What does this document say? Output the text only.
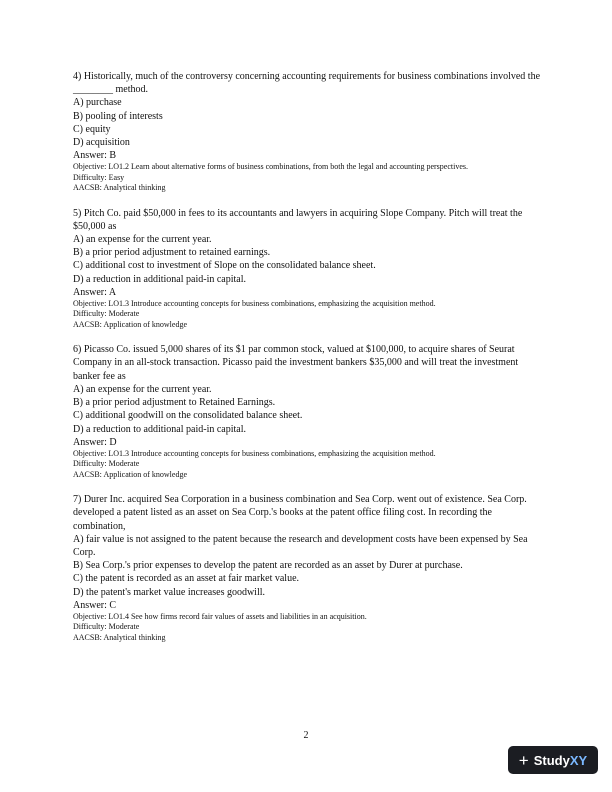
4) Historically, much of the controversy concerning accounting requirements for business combinations involved the ________ method.
A) purchase
B) pooling of interests
C) equity
D) acquisition
Answer: B
Objective: LO1.2 Learn about alternative forms of business combinations, from both the legal and accounting perspectives.
Difficulty: Easy
AACSB: Analytical thinking
5) Pitch Co. paid $50,000 in fees to its accountants and lawyers in acquiring Slope Company. Pitch will treat the $50,000 as
A) an expense for the current year.
B) a prior period adjustment to retained earnings.
C) additional cost to investment of Slope on the consolidated balance sheet.
D) a reduction in additional paid-in capital.
Answer: A
Objective: LO1.3 Introduce accounting concepts for business combinations, emphasizing the acquisition method.
Difficulty: Moderate
AACSB: Application of knowledge
6) Picasso Co. issued 5,000 shares of its $1 par common stock, valued at $100,000, to acquire shares of Seurat Company in an all-stock transaction. Picasso paid the investment bankers $35,000 and will treat the investment banker fee as
A) an expense for the current year.
B) a prior period adjustment to Retained Earnings.
C) additional goodwill on the consolidated balance sheet.
D) a reduction to additional paid-in capital.
Answer: D
Objective: LO1.3 Introduce accounting concepts for business combinations, emphasizing the acquisition method.
Difficulty: Moderate
AACSB: Application of knowledge
7) Durer Inc. acquired Sea Corporation in a business combination and Sea Corp. went out of existence. Sea Corp. developed a patent listed as an asset on Sea Corp.'s books at the patent office filing cost. In recording the combination,
A) fair value is not assigned to the patent because the research and development costs have been expensed by Sea Corp.
B) Sea Corp.'s prior expenses to develop the patent are recorded as an asset by Durer at purchase.
C) the patent is recorded as an asset at fair market value.
D) the patent's market value increases goodwill.
Answer: C
Objective: LO1.4 See how firms record fair values of assets and liabilities in an acquisition.
Difficulty: Moderate
AACSB: Analytical thinking
2
+ Study XY
